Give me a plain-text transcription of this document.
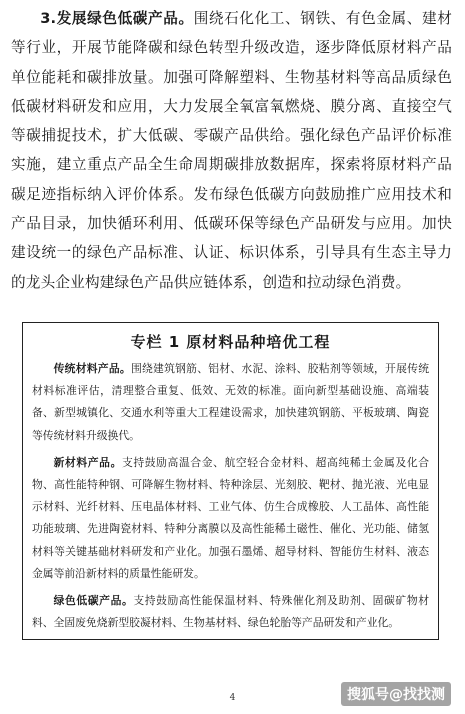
3.发展绿色低碳产品。围绕石化化工、钢铁、有色金属、建材等行业，开展节能降碳和绿色转型升级改造，逐步降低原材料产品单位能耗和碳排放量。加强可降解塑料、生物基材料等高品质绿色低碳材料研发和应用，大力发展全氧富氧燃烧、膜分离、直接空气等碳捕捉技术，扩大低碳、零碳产品供给。强化绿色产品评价标准实施，建立重点产品全生命周期碳排放数据库，探索将原材料产品碳足迹指标纳入评价体系。发布绿色低碳方向鼓励推广应用技术和产品目录，加快循环利用、低碳环保等绿色产品研发与应用。加快建设统一的绿色产品标准、认证、标识体系，引导具有生态主导力的龙头企业构建绿色产品供应链体系，创造和拉动绿色消费。

专栏 1 原材料品种培优工程

传统材料产品。围绕建筑钢筋、铝材、水泥、涂料、胶粘剂等领域，开展传统材料标准评估，清理整合重复、低效、无效的标准。面向新型基础设施、高端装备、新型城镇化、交通水利等重大工程建设需求，加快建筑钢筋、平板玻璃、陶瓷等传统材料升级换代。

新材料产品。支持鼓励高温合金、航空轻合金材料、超高纯稀土金属及化合物、高性能特种钢、可降解生物材料、特种涂层、光刻胶、靶材、抛光液、光电显示材料、光纤材料、压电晶体材料、工业气体、仿生合成橡胶、人工晶体、高性能功能玻璃、先进陶瓷材料、特种分离膜以及高性能稀土磁性、催化、光功能、储氢材料等关键基础材料研发和产业化。加强石墨烯、超导材料、智能仿生材料、液态金属等前沿新材料的质量性能研发。

绿色低碳产品。支持鼓励高性能保温材料、特殊催化剂及助剂、固碳矿物材料、全固废免烧新型胶凝材料、生物基材料、绿色轮胎等产品研发和产业化。

4	搜狐号@找找测
